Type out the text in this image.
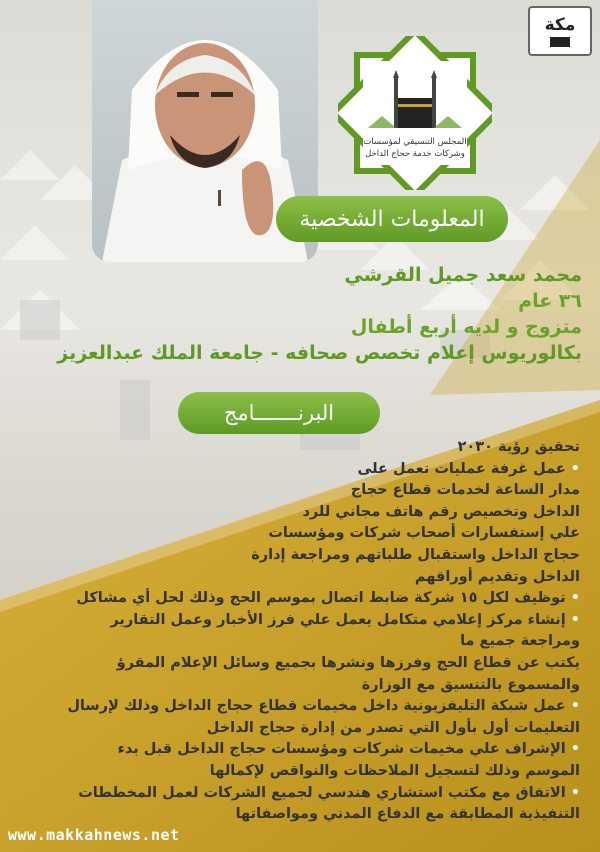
مكة
المجلس التنسيقي لمؤسسات
وشركات خدمة حجاج الداخل
المعلومات الشخصية
محمد سعد جميل القرشي
٣٦ عام
متزوج و لديه أربع أطفال
بكالوريوس إعلام تخصص صحافه - جامعة الملك عبدالعزيز
البرنـــــــامج
تحقيق رؤية ٢٠٣٠
•عمل غرفة عمليات تعمل على
مدار الساعة لخدمات قطاع حجاج
الداخل وتخصيص رقم هاتف مجاني للرد
علي إستفسارات أصحاب شركات ومؤسسات
حجاج الداخل واستقبال طلباتهم ومراجعة إدارة
الداخل وتقديم أوراقهم
•توظيف لكل ١٥ شركة ضابط اتصال بموسم الحج وذلك لحل أي مشاكل
•إنشاء مركز إعلامي متكامل يعمل علي فرز الأخبار وعمل التقارير
ومراجعة جميع ما
يكتب عن قطاع الحج وفرزها ونشرها بجميع وسائل الإعلام المقرؤ
والمسموع بالتنسيق مع الوزارة
•عمل شبكة التليفزيونية داخل مخيمات قطاع حجاج الداخل وذلك لإرسال
التعليمات أول بأول التي تصدر من إدارة حجاج الداخل
•الإشراف علي مخيمات شركات ومؤسسات حجاج الداخل قبل بدء
الموسم وذلك لتسجيل الملاحظات والنواقص لإكمالها
•الاتفاق مع مكتب استشاري هندسي لجميع الشركات لعمل المخططات
التنفيذية المطابقة مع الدفاع المدني ومواصفاتها
www.makkahnews.net
